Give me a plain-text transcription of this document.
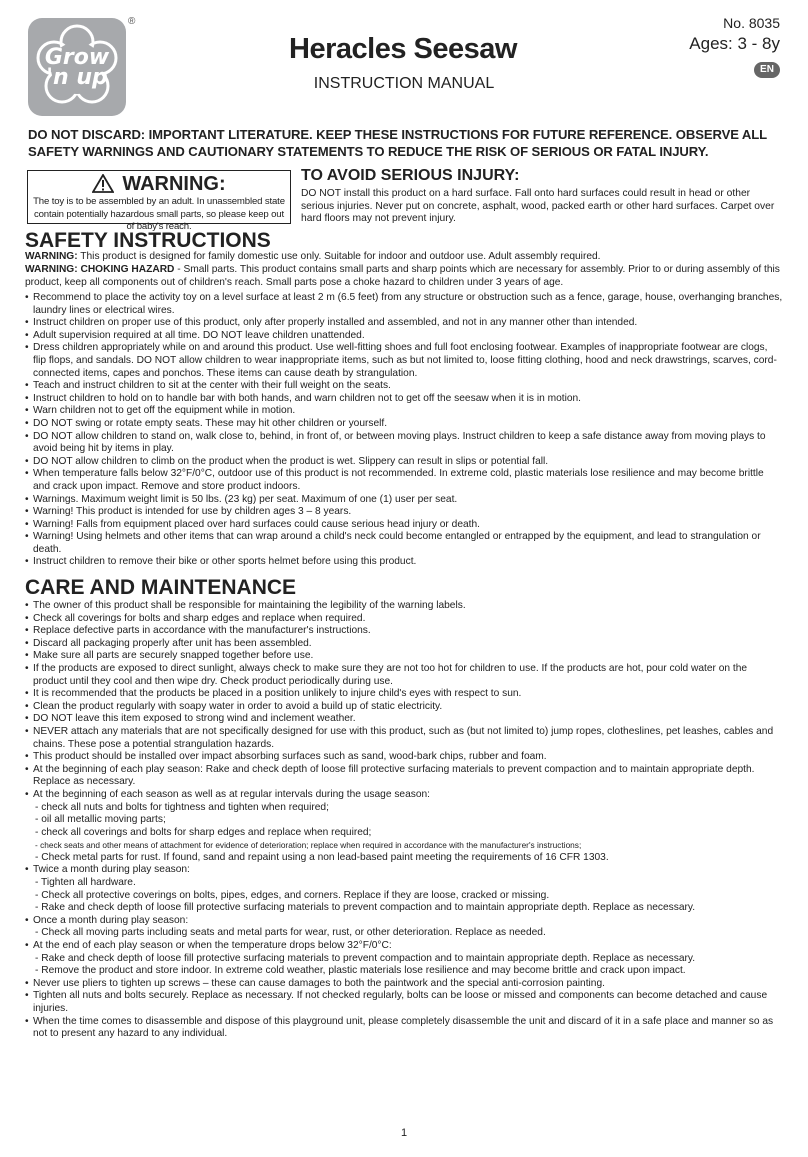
Grow
'n up
®
Heracles Seesaw
INSTRUCTION MANUAL
No. 8035
Ages: 3 - 8y
EN
DO NOT DISCARD: IMPORTANT LITERATURE. KEEP THESE INSTRUCTIONS FOR FUTURE REFERENCE. OBSERVE ALL SAFETY WARNINGS AND CAUTIONARY STATEMENTS TO REDUCE THE RISK OF SERIOUS OR FATAL INJURY.
WARNING:
The toy is to be assembled by an adult. In unassembled state contain potentially hazardous small parts, so please keep out of baby's reach.
TO AVOID SERIOUS INJURY:
DO NOT install this product on a hard surface. Fall onto hard surfaces could result in head or other serious injuries. Never put on concrete, asphalt, wood, packed earth or other hard surfaces. Carpet over hard floors may not prevent injury.
SAFETY INSTRUCTIONS
WARNING: This product is designed for family domestic use only. Suitable for indoor and outdoor use. Adult assembly required.
WARNING: CHOKING HAZARD - Small parts. This product contains small parts and sharp points which are necessary for assembly. Prior to or during assembly of this product, keep all components out of children's reach. Small parts pose a choke hazard to children under 3 years of age.
• Recommend to place the activity toy on a level surface at least 2 m (6.5 feet) from any structure or obstruction such as a fence, garage, house, overhanging branches, laundry lines or electrical wires.
• Instruct children on proper use of this product, only after properly installed and assembled, and not in any manner other than intended.
• Adult supervision required at all time. DO NOT leave children unattended.
• Dress children appropriately while on and around this product. Use well-fitting shoes and full foot enclosing footwear. Examples of inappropriate footwear are clogs, flip flops, and sandals. DO NOT allow children to wear inappropriate items, such as but not limited to, loose fitting clothing, hood and neck drawstrings, scarves, cord-connected items, capes and ponchos. These items can cause death by strangulation.
• Teach and instruct children to sit at the center with their full weight on the seats.
• Instruct children to hold on to handle bar with both hands, and warn children not to get off the seesaw when it is in motion.
• Warn children not to get off the equipment while in motion.
• DO NOT swing or rotate empty seats. These may hit other children or yourself.
• DO NOT allow children to stand on, walk close to, behind, in front of, or between moving plays. Instruct children to keep a safe distance away from moving plays to avoid being hit by items in play.
• DO NOT allow children to climb on the product when the product is wet. Slippery can result in slips or potential fall.
• When temperature falls below 32°F/0°C, outdoor use of this product is not recommended. In extreme cold, plastic materials lose resilience and may become brittle and crack upon impact. Remove and store product indoors.
• Warnings. Maximum weight limit is 50 lbs. (23 kg) per seat. Maximum of one (1) user per seat.
• Warning! This product is intended for use by children ages 3 – 8 years.
• Warning! Falls from equipment placed over hard surfaces could cause serious head injury or death.
• Warning! Using helmets and other items that can wrap around a child's neck could become entangled or entrapped by the equipment, and lead to strangulation or death.
• Instruct children to remove their bike or other sports helmet before using this product.
CARE AND MAINTENANCE
• The owner of this product shall be responsible for maintaining the legibility of the warning labels.
• Check all coverings for bolts and sharp edges and replace when required.
• Replace defective parts in accordance with the manufacturer's instructions.
• Discard all packaging properly after unit has been assembled.
• Make sure all parts are securely snapped together before use.
• If the products are exposed to direct sunlight, always check to make sure they are not too hot for children to use. If the products are hot, pour cold water on the product until they cool and then wipe dry. Check product periodically during use.
• It is recommended that the products be placed in a position unlikely to injure child's eyes with respect to sun.
• Clean the product regularly with soapy water in order to avoid a build up of static electricity.
• DO NOT leave this item exposed to strong wind and inclement weather.
• NEVER attach any materials that are not specifically designed for use with this product, such as (but not limited to) jump ropes, clotheslines, pet leashes, cables and chains. These pose a potential strangulation hazards.
• This product should be installed over impact absorbing surfaces such as sand, wood-bark chips, rubber and foam.
• At the beginning of each play season: Rake and check depth of loose fill protective surfacing materials to prevent compaction and to maintain appropriate depth. Replace as necessary.
• At the beginning of each season as well as at regular intervals during the usage season:
- check all nuts and bolts for tightness and tighten when required;
- oil all metallic moving parts;
- check all coverings and bolts for sharp edges and replace when required;
- check seats and other means of attachment for evidence of deterioration; replace when required in accordance with the manufacturer's instructions;
- Check metal parts for rust. If found, sand and repaint using a non lead-based paint meeting the requirements of 16 CFR 1303.
• Twice a month during play season:
- Tighten all hardware.
- Check all protective coverings on bolts, pipes, edges, and corners. Replace if they are loose, cracked or missing.
- Rake and check depth of loose fill protective surfacing materials to prevent compaction and to maintain appropriate depth. Replace as necessary.
• Once a month during play season:
- Check all moving parts including seats and metal parts for wear, rust, or other deterioration. Replace as needed.
• At the end of each play season or when the temperature drops below 32°F/0°C:
- Rake and check depth of loose fill protective surfacing materials to prevent compaction and to maintain appropriate depth. Replace as necessary.
- Remove the product and store indoor. In extreme cold weather, plastic materials lose resilience and may become brittle and crack upon impact.
• Never use pliers to tighten up screws – these can cause damages to both the paintwork and the special anti-corrosion painting.
• Tighten all nuts and bolts securely. Replace as necessary. If not checked regularly, bolts can be loose or missed and components can become detached and cause injuries.
• When the time comes to disassemble and dispose of this playground unit, please completely disassemble the unit and discard of it in a safe place and manner so as not to present any hazard to any individual.
1
